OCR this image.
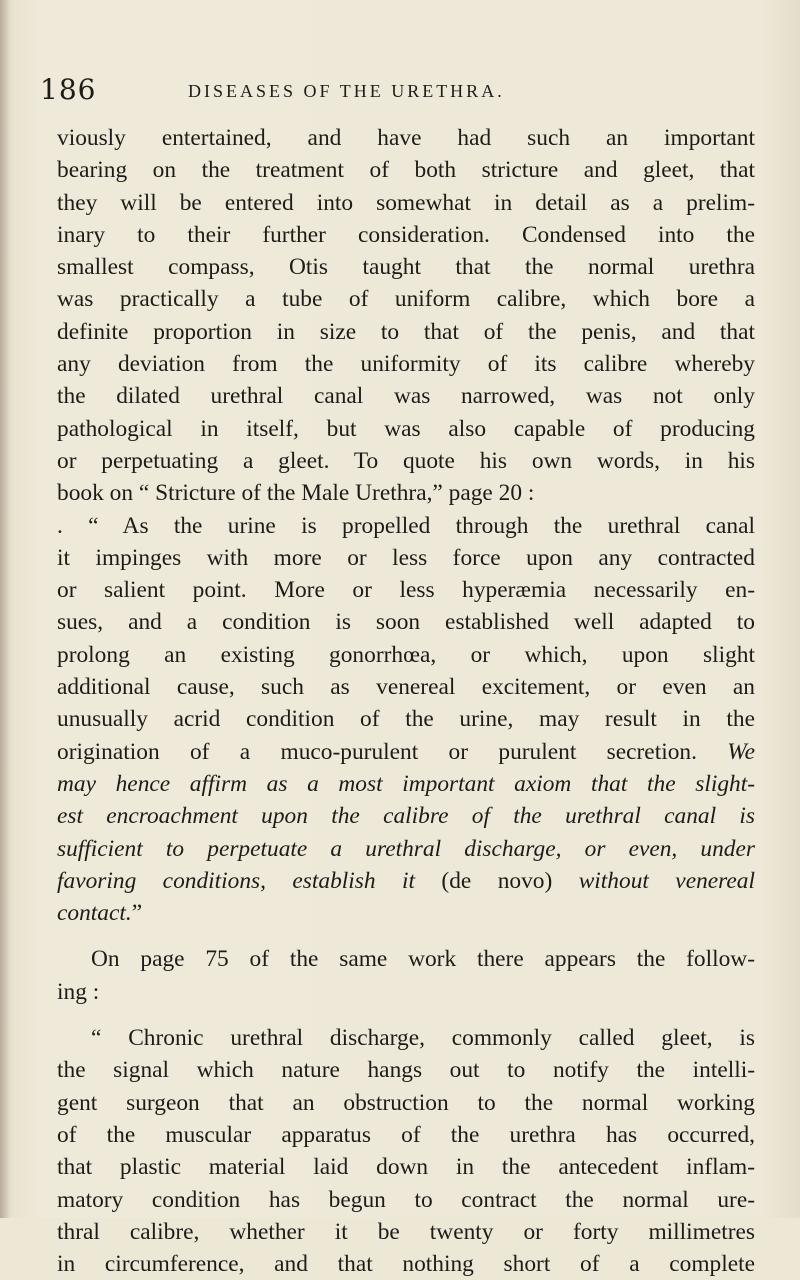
186	DISEASES OF THE URETHRA.
viously entertained, and have had such an important
bearing on the treatment of both stricture and gleet, that
they will be entered into somewhat in detail as a prelim-
inary to their further consideration. Condensed into the
smallest compass, Otis taught that the normal urethra
was practically a tube of uniform calibre, which bore a
definite proportion in size to that of the penis, and that
any deviation from the uniformity of its calibre whereby
the dilated urethral canal was narrowed, was not only
pathological in itself, but was also capable of producing
or perpetuating a gleet. To quote his own words, in his
book on “ Stricture of the Male Urethra,” page 20 :
. “ As the urine is propelled through the urethral canal
it impinges with more or less force upon any contracted
or salient point. More or less hyperæmia necessarily en-
sues, and a condition is soon established well adapted to
prolong an existing gonorrhœa, or which, upon slight
additional cause, such as venereal excitement, or even an
unusually acrid condition of the urine, may result in the
origination of a muco-purulent or purulent secretion. We
may hence affirm as a most important axiom that the slight-
est encroachment upon the calibre of the urethral canal is
sufficient to perpetuate a urethral discharge, or even, under
favoring conditions, establish it (de novo) without venereal
contact.”
On page 75 of the same work there appears the follow-
ing :
“ Chronic urethral discharge, commonly called gleet, is
the signal which nature hangs out to notify the intelli-
gent surgeon that an obstruction to the normal working
of the muscular apparatus of the urethra has occurred,
that plastic material laid down in the antecedent inflam-
matory condition has begun to contract the normal ure-
thral calibre, whether it be twenty or forty millimetres
in circumference, and that nothing short of a complete
